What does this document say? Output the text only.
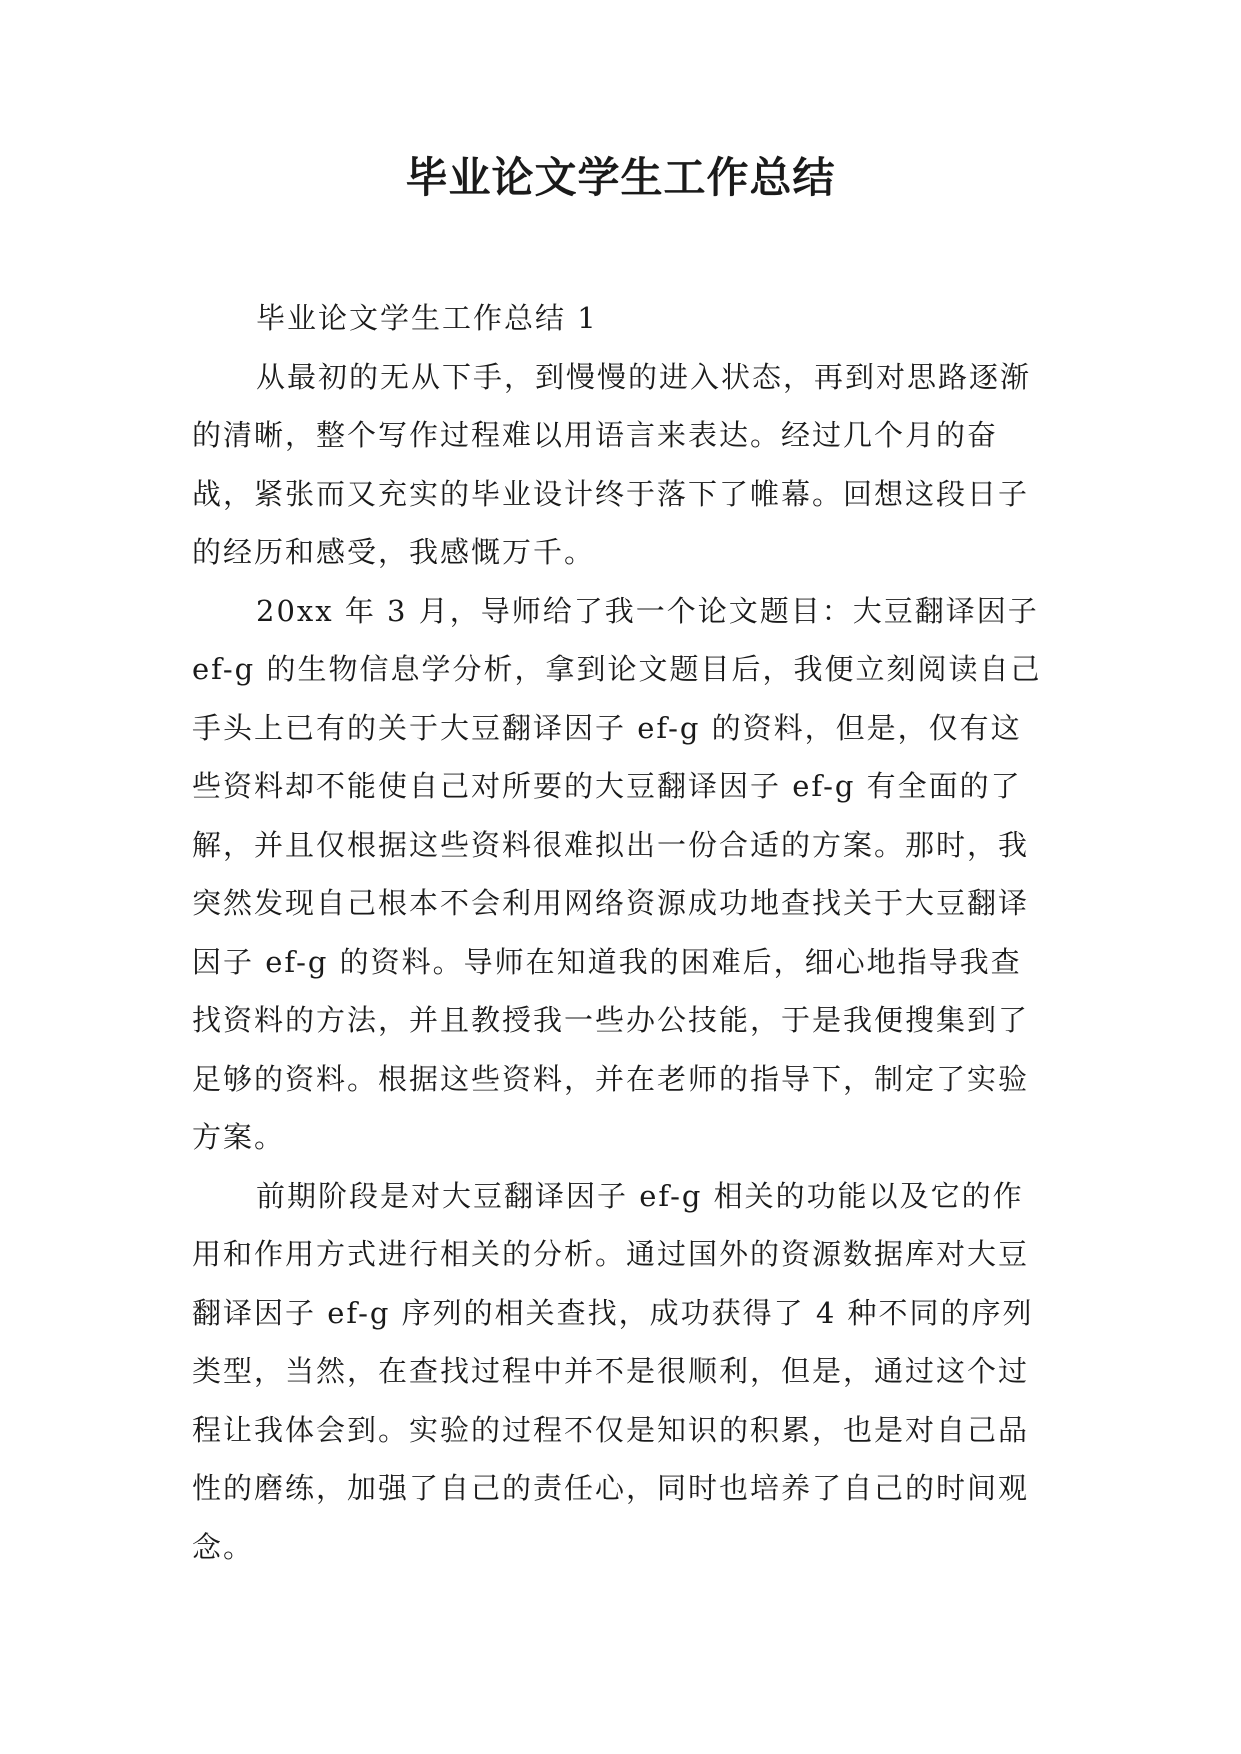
毕业论文学生工作总结

毕业论文学生工作总结 1

从最初的无从下手，到慢慢的进入状态，再到对思路逐渐的清晰，整个写作过程难以用语言来表达。经过几个月的奋战，紧张而又充实的毕业设计终于落下了帷幕。回想这段日子的经历和感受，我感慨万千。

20xx 年 3 月，导师给了我一个论文题目：大豆翻译因子 ef-g 的生物信息学分析，拿到论文题目后，我便立刻阅读自己手头上已有的关于大豆翻译因子 ef-g 的资料，但是，仅有这些资料却不能使自己对所要的大豆翻译因子 ef-g 有全面的了解，并且仅根据这些资料很难拟出一份合适的方案。那时，我突然发现自己根本不会利用网络资源成功地查找关于大豆翻译因子 ef-g 的资料。导师在知道我的困难后，细心地指导我查找资料的方法，并且教授我一些办公技能，于是我便搜集到了足够的资料。根据这些资料，并在老师的指导下，制定了实验方案。

前期阶段是对大豆翻译因子 ef-g 相关的功能以及它的作用和作用方式进行相关的分析。通过国外的资源数据库对大豆翻译因子 ef-g 序列的相关查找，成功获得了 4 种不同的序列类型，当然，在查找过程中并不是很顺利，但是，通过这个过程让我体会到。实验的过程不仅是知识的积累，也是对自己品性的磨练，加强了自己的责任心，同时也培养了自己的时间观念。
